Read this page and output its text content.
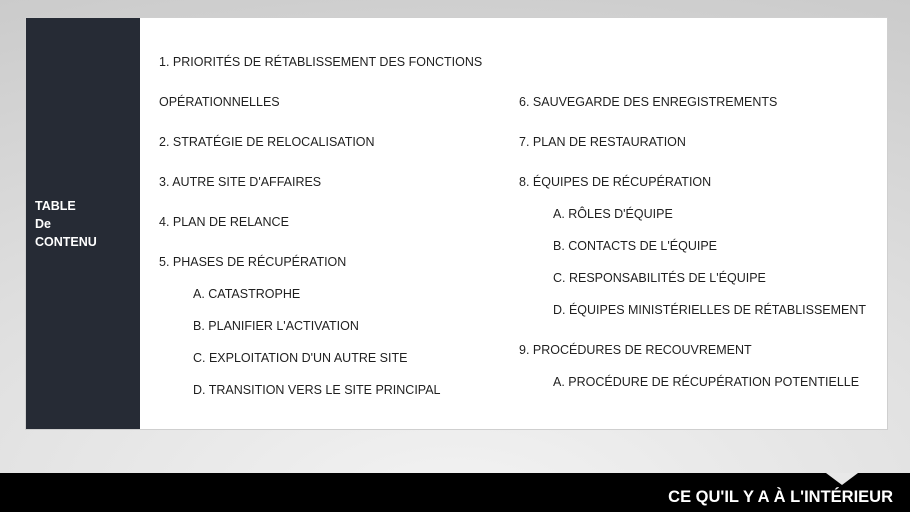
TABLE
De
CONTENU
1. PRIORITÉS DE RÉTABLISSEMENT DES FONCTIONS OPÉRATIONNELLES
2. STRATÉGIE DE RELOCALISATION
3. AUTRE SITE D'AFFAIRES
4. PLAN DE RELANCE
5. PHASES DE RÉCUPÉRATION
A. CATASTROPHE
B. PLANIFIER L'ACTIVATION
C. EXPLOITATION D'UN AUTRE SITE
D. TRANSITION VERS LE SITE PRINCIPAL
6. SAUVEGARDE DES ENREGISTREMENTS
7. PLAN DE RESTAURATION
8. ÉQUIPES DE RÉCUPÉRATION
A. RÔLES D'ÉQUIPE
B. CONTACTS DE L'ÉQUIPE
C. RESPONSABILITÉS DE L'ÉQUIPE
D. ÉQUIPES MINISTÉRIELLES DE RÉTABLISSEMENT
9. PROCÉDURES DE RECOUVREMENT
A. PROCÉDURE DE RÉCUPÉRATION POTENTIELLE
CE QU'IL Y A À L'INTÉRIEUR
